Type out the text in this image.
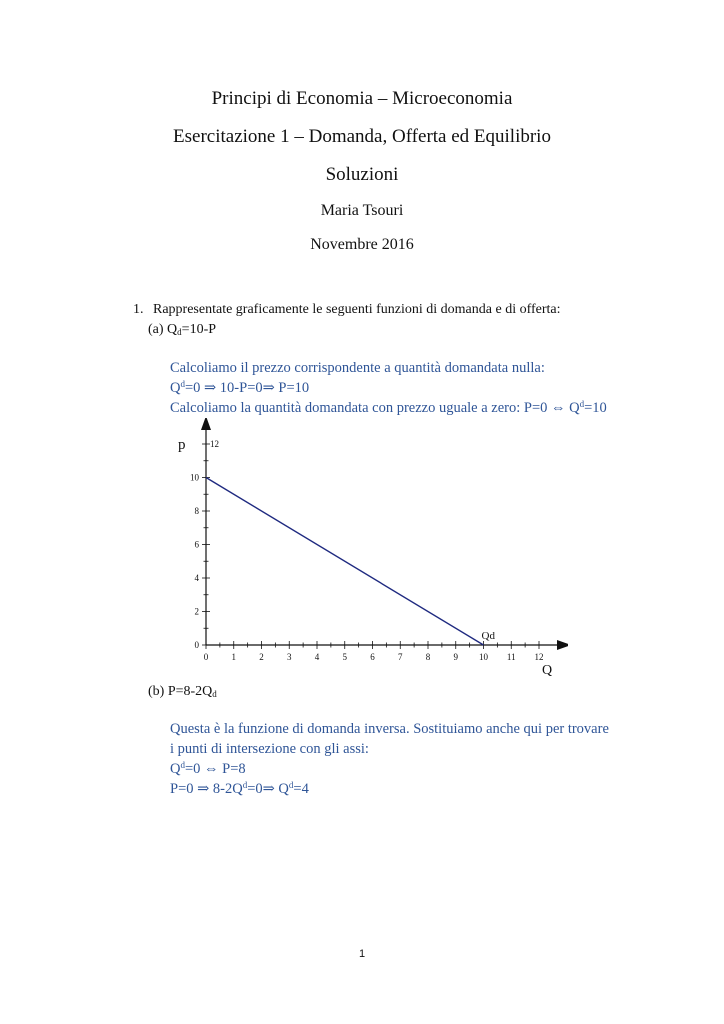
Principi di Economia – Microeconomia
Esercitazione 1 – Domanda, Offerta ed Equilibrio
Soluzioni
Maria Tsouri
Novembre 2016
1. Rappresentate graficamente le seguenti funzioni di domanda e di offerta:
(a) $Q_d=10-P$
Calcoliamo il prezzo corrispondente a quantità domandata nulla:
$Q^d=0$ ⇒ 10-P=0⇒ P=10
Calcoliamo la quantità domandata con prezzo uguale a zero: P=0 ⇔ $Q^d=10$
0	1	2	3	4	5	6	7	8	9 10 11 12
0
2
4
6
8
10
12
Qd
p
Q
(b) $P=8-2Q_d$
Questa è la funzione di domanda inversa. Sostituiamo anche qui per trovare
i punti di intersezione con gli assi:
$Q^d=0$ ⇔ P=8
P=0 ⇒ $8-2Q^d=0\Rightarrow$ $Q^d=4$
1
